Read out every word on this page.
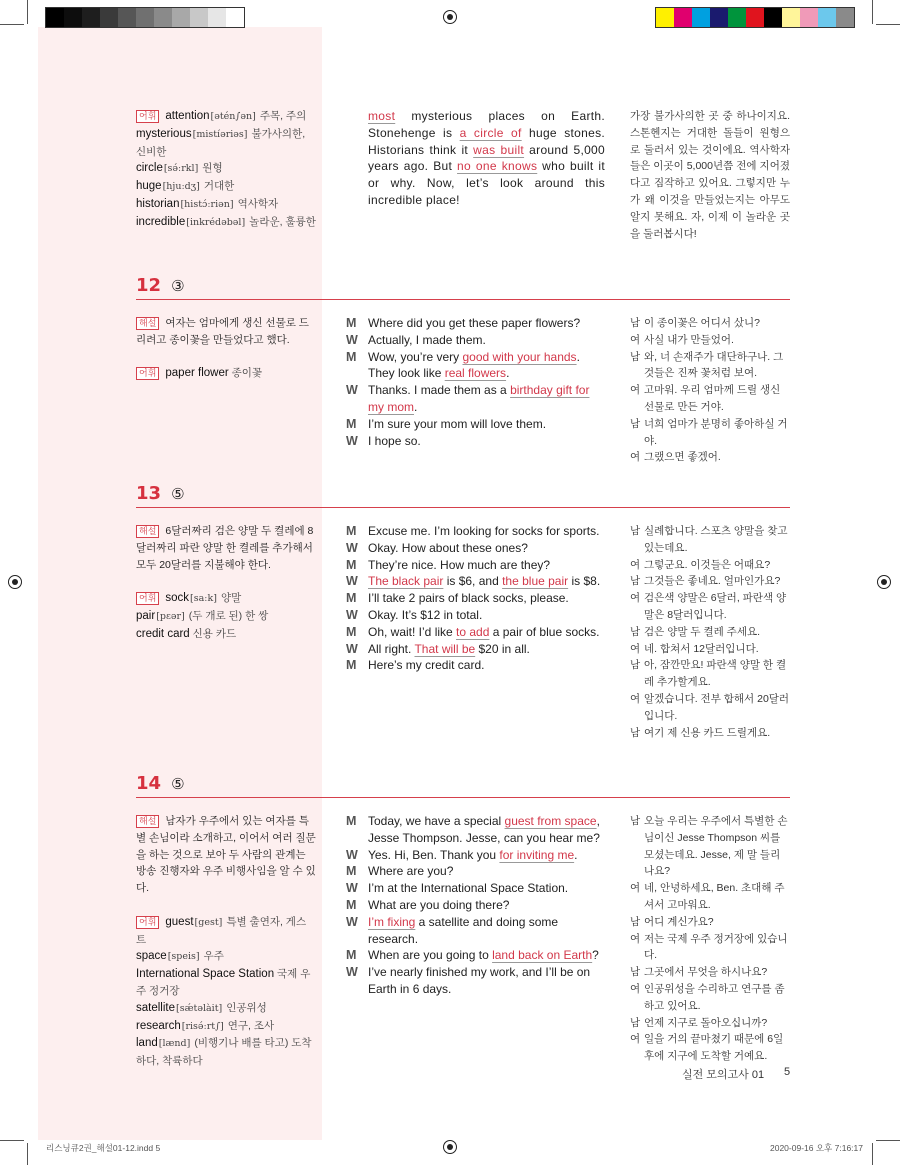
어휘 attention[ətén∫ən] 주목, 주의
mysterious[mistíəriəs] 불가사의한, 신비한
circle[sə́ːrkl] 원형
huge[hjuːdʒ] 거대한
historian[histɔ́ːriən] 역사학자
incredible[inkrédəbəl] 놀라운, 훌륭한
most mysterious places on Earth. Stonehenge is a circle of huge stones. Historians think it was built around 5,000 years ago. But no one knows who built it or why. Now, let’s look around this incredible place!
가장 불가사의한 곳 중 하나이지요. 스톤헨지는 거대한 돌들이 원형으로 둘러서 있는 것이에요. 역사학자들은 이곳이 5,000년쯤 전에 지어졌다고 짐작하고 있어요. 그렇지만 누가 왜 이것을 만들었는지는 아무도 알지 못해요. 자, 이제 이 놀라운 곳을 둘러봅시다!
12 ③
해설 여자는 엄마에게 생신 선물로 드리려고 종이꽃을 만들었다고 했다.
어휘 paper flower 종이꽃
M Where did you get these paper flowers?
W Actually, I made them.
M Wow, you’re very good with your hands. They look like real flowers.
W Thanks. I made them as a birthday gift for my mom.
M I’m sure your mom will love them.
W I hope so.
남 이 종이꽃은 어디서 샀니?
여 사실 내가 만들었어.
남 와, 너 손재주가 대단하구나. 그것들은 진짜 꽃처럼 보여.
여 고마워. 우리 엄마께 드릴 생신 선물로 만든 거야.
남 너희 엄마가 분명히 좋아하실 거야.
여 그랬으면 좋겠어.
13 ⑤
해설 6달러짜리 검은 양말 두 켤레에 8달러짜리 파란 양말 한 켤레를 추가해서 모두 20달러를 지불해야 한다.
어휘 sock[saːk] 양말
pair[pɛər] (두 개로 된) 한 쌍
credit card 신용 카드
M Excuse me. I’m looking for socks for sports.
W Okay. How about these ones?
M They’re nice. How much are they?
W The black pair is $6, and the blue pair is $8.
M I’ll take 2 pairs of black socks, please.
W Okay. It’s $12 in total.
M Oh, wait! I’d like to add a pair of blue socks.
W All right. That will be $20 in all.
M Here’s my credit card.
남 실례합니다. 스포츠 양말을 찾고 있는데요.
여 그렇군요. 이것들은 어때요?
남 그것들은 좋네요. 얼마인가요?
여 검은색 양말은 6달러, 파란색 양말은 8달러입니다.
남 검은 양말 두 켤레 주세요.
여 네. 합쳐서 12달러입니다.
남 아, 잠깐만요! 파란색 양말 한 켤레 추가할게요.
여 알겠습니다. 전부 합해서 20달러입니다.
남 여기 제 신용 카드 드릴게요.
14 ⑤
해설 남자가 우주에서 있는 여자를 특별 손님이라 소개하고, 이어서 여러 질문을 하는 것으로 보아 두 사람의 관계는 방송 진행자와 우주 비행사임을 알 수 있다.
어휘 guest[gest] 특별 출연자, 게스트
space[speis] 우주
International Space Station 국제 우주 정거장
satellite[sǽtəlàit] 인공위성
research[risə́ːrt∫] 연구, 조사
land[lænd] (비행기나 배를 타고) 도착하다, 착륙하다
M Today, we have a special guest from space, Jesse Thompson. Jesse, can you hear me?
W Yes. Hi, Ben. Thank you for inviting me.
M Where are you?
W I’m at the International Space Station.
M What are you doing there?
W I’m fixing a satellite and doing some research.
M When are you going to land back on Earth?
W I’ve nearly finished my work, and I’ll be on Earth in 6 days.
남 오늘 우리는 우주에서 특별한 손님이신 Jesse Thompson 씨를 모셨는데요. Jesse, 제 말 들리나요?
여 네, 안녕하세요, Ben. 초대해 주셔서 고마워요.
남 어디 계신가요?
여 저는 국제 우주 정거장에 있습니다.
남 그곳에서 무엇을 하시나요?
여 인공위성을 수리하고 연구를 좀 하고 있어요.
남 언제 지구로 돌아오십니까?
여 일을 거의 끝마쳤기 때문에 6일 후에 지구에 도착할 거예요.
실전 모의고사 01 5
리스닝큐2권_해설01-12.indd 5	2020-09-16 오후 7:16:17
